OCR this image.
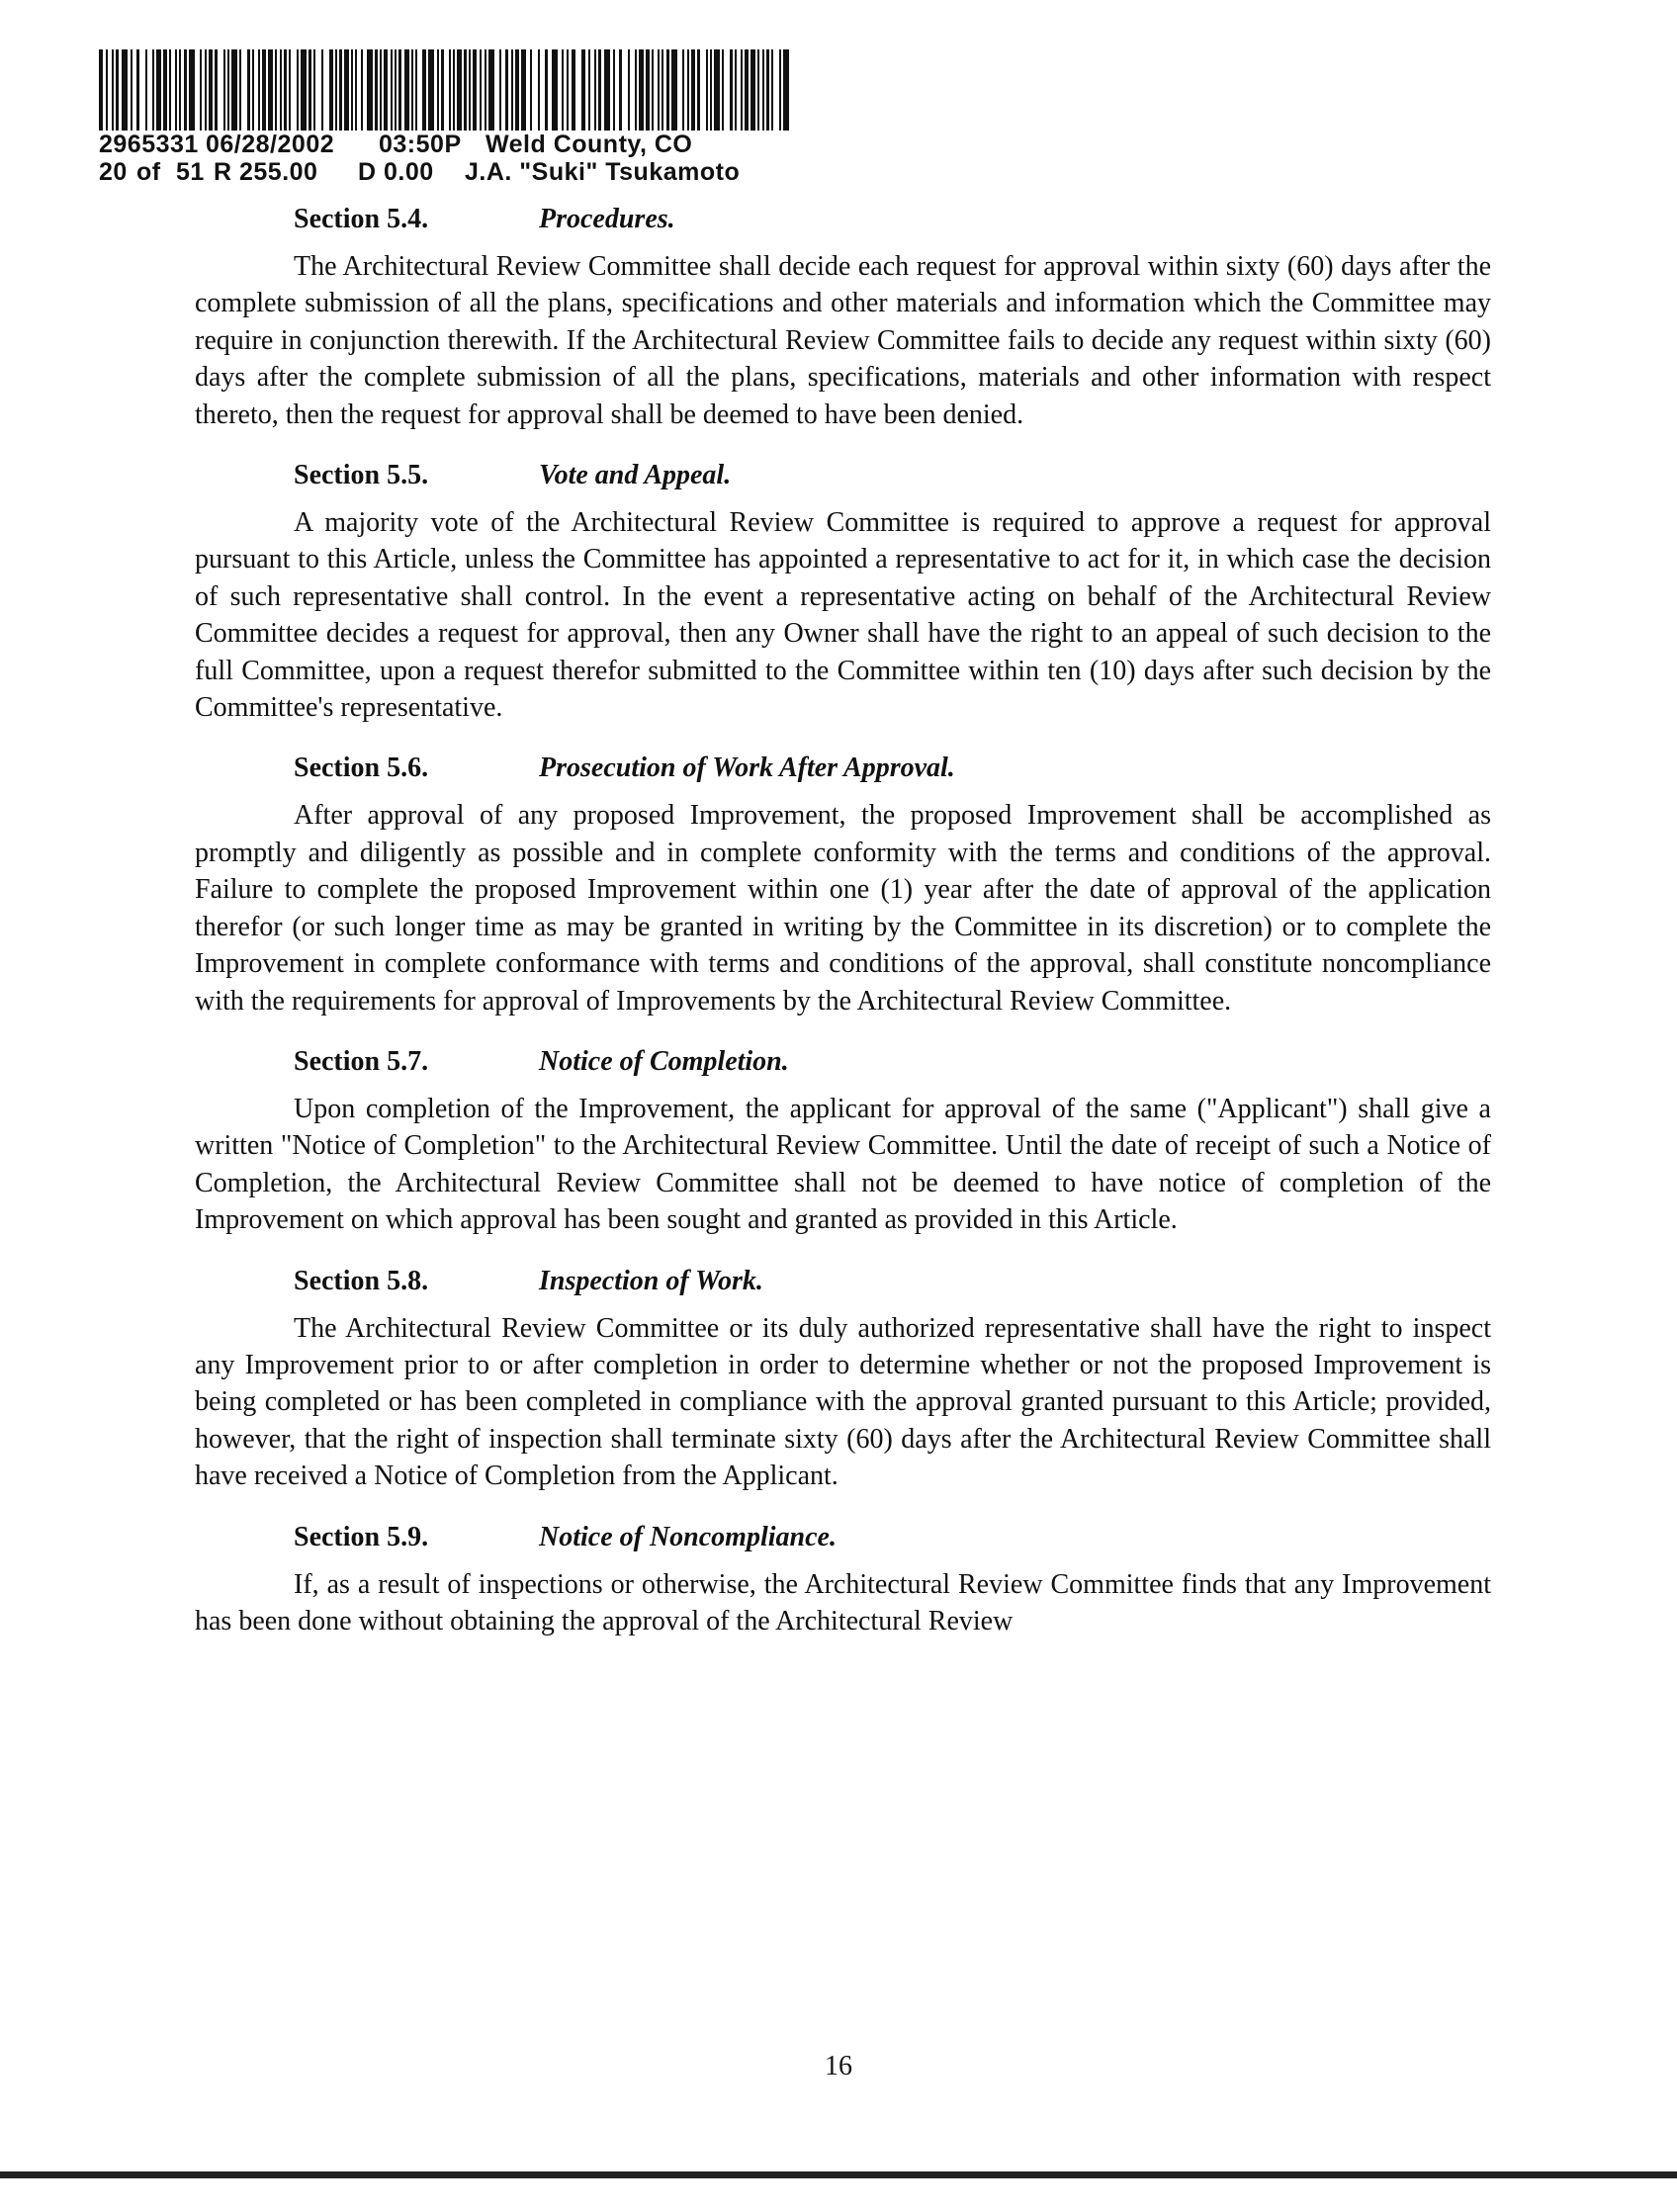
2965331 06/28/2002 03:50P Weld County, CO
20 of 51 R 255.00 D 0.00 J.A. "Suki" Tsukamoto
Section 5.4.	Procedures.

The Architectural Review Committee shall decide each request for approval within sixty (60) days after the complete submission of all the plans, specifications and other materials and information which the Committee may require in conjunction therewith. If the Architectural Review Committee fails to decide any request within sixty (60) days after the complete submission of all the plans, specifications, materials and other information with respect thereto, then the request for approval shall be deemed to have been denied.

Section 5.5.	Vote and Appeal.

A majority vote of the Architectural Review Committee is required to approve a request for approval pursuant to this Article, unless the Committee has appointed a representative to act for it, in which case the decision of such representative shall control. In the event a representative acting on behalf of the Architectural Review Committee decides a request for approval, then any Owner shall have the right to an appeal of such decision to the full Committee, upon a request therefor submitted to the Committee within ten (10) days after such decision by the Committee's representative.

Section 5.6.	Prosecution of Work After Approval.

After approval of any proposed Improvement, the proposed Improvement shall be accomplished as promptly and diligently as possible and in complete conformity with the terms and conditions of the approval. Failure to complete the proposed Improvement within one (1) year after the date of approval of the application therefor (or such longer time as may be granted in writing by the Committee in its discretion) or to complete the Improvement in complete conformance with terms and conditions of the approval, shall constitute noncompliance with the requirements for approval of Improvements by the Architectural Review Committee.

Section 5.7.	Notice of Completion.

Upon completion of the Improvement, the applicant for approval of the same ("Applicant") shall give a written "Notice of Completion" to the Architectural Review Committee. Until the date of receipt of such a Notice of Completion, the Architectural Review Committee shall not be deemed to have notice of completion of the Improvement on which approval has been sought and granted as provided in this Article.

Section 5.8.	Inspection of Work.

The Architectural Review Committee or its duly authorized representative shall have the right to inspect any Improvement prior to or after completion in order to determine whether or not the proposed Improvement is being completed or has been completed in compliance with the approval granted pursuant to this Article; provided, however, that the right of inspection shall terminate sixty (60) days after the Architectural Review Committee shall have received a Notice of Completion from the Applicant.

Section 5.9.	Notice of Noncompliance.

If, as a result of inspections or otherwise, the Architectural Review Committee finds that any Improvement has been done without obtaining the approval of the Architectural Review

16
